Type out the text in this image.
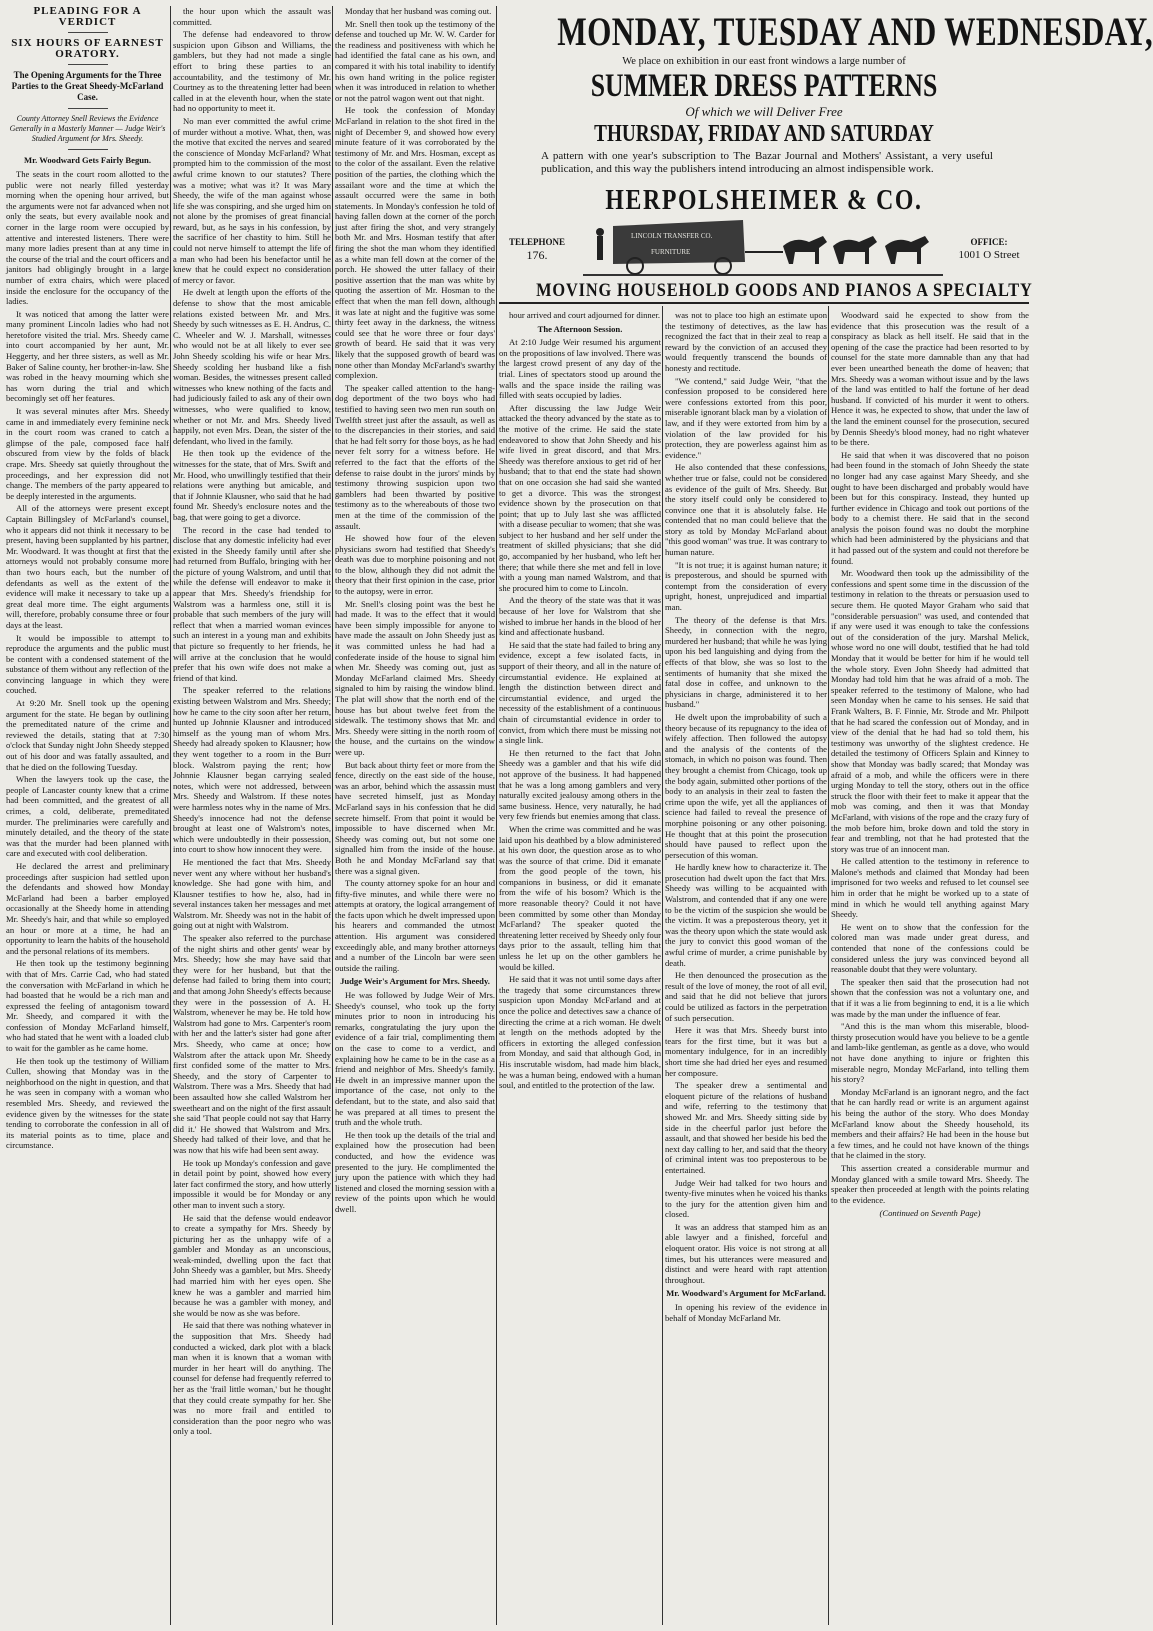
PLEADING FOR A VERDICT

SIX HOURS OF EARNEST ORATORY.

The Opening Arguments for the Three Parties to the Great Sheedy-McFarland Case.

County Attorney Snell Reviews the Evidence Generally in a Masterly Manner — Judge Weir's Studied Argument for Mrs. Sheedy.

Mr. Woodward Gets Fairly Begun.

The seats in the court room allotted to the public were not nearly filled yesterday morning when the opening hour arrived, but the arguments were not far advanced when not only the seats, but every available nook and corner in the large room were occupied by attentive and interested listeners. There were many more ladies present than at any time in the course of the trial and the court officers and janitors had obligingly brought in a large number of extra chairs, which were placed inside the enclosure for the occupancy of the ladies.

It was noticed that among the latter were many prominent Lincoln ladies who had not heretofore visited the trial. Mrs. Sheedy came into court accompanied by her aunt, Mr. Heggerty, and her three sisters, as well as Mr. Baker of Saline county, her brother-in-law. She was robed in the heavy mourning which she has worn during the trial and which becomingly set off her features.

It was several minutes after Mrs. Sheedy came in and immediately every feminine neck in the court room was craned to catch a glimpse of the pale, composed face half obscured from view by the folds of black crape. Mrs. Sheedy sat quietly throughout the proceedings, and her expression did not change. The members of the party appeared to be deeply interested in the arguments.

All of the attorneys were present except Captain Billingsley of McFarland's counsel, who it appears did not think it necessary to be present, having been supplanted by his partner, Mr. Woodward. It was thought at first that the attorneys would not probably consume more than two hours each, but the number of defendants as well as the extent of the evidence will make it necessary to take up a great deal more time. The eight arguments will, therefore, probably consume three or four days at the least.

It would be impossible to attempt to reproduce the arguments and the public must be content with a condensed statement of the substance of them without any reflection of the convincing language in which they were couched.

At 9:20 Mr. Snell took up the opening argument for the state. He began by outlining the premeditated nature of the crime and reviewed the details, stating that at 7:30 o'clock that Sunday night John Sheedy stepped out of his door and was fatally assaulted, and that he died on the following Tuesday.

When the lawyers took up the case, the people of Lancaster county knew that a crime had been committed, and the greatest of all crimes, a cold, deliberate, premeditated murder. The preliminaries were carefully and minutely detailed, and the theory of the state was that the murder had been planned with care and executed with cool deliberation.

He declared the arrest and preliminary proceedings after suspicion had settled upon the defendants and showed how Monday McFarland had been a barber employed occasionally at the Sheedy home in attending Mr. Sheedy's hair, and that while so employed an hour or more at a time, he had an opportunity to learn the habits of the household and the personal relations of its members.

He then took up the testimony beginning with that of Mrs. Carrie Cad, who had stated the conversation with McFarland in which he had boasted that he would be a rich man and expressed the feeling of antagonism toward Mr. Sheedy, and compared it with the confession of Monday McFarland himself, who had stated that he went with a loaded club to wait for the gambler as he came home.

He then took up the testimony of William Cullen, showing that Monday was in the neighborhood on the night in question, and that he was seen in company with a woman who resembled Mrs. Sheedy, and reviewed the evidence given by the witnesses for the state tending to corroborate the confession in all of its material points as to time, place and circumstance.

the hour upon which the assault was committed.

The defense had endeavored to throw suspicion upon Gibson and Williams, the gamblers, but they had not made a single effort to bring these parties to an accountability, and the testimony of Mr. Courtney as to the threatening letter had been called in at the eleventh hour, when the state had no opportunity to meet it.

No man ever committed the awful crime of murder without a motive. What, then, was the motive that excited the nerves and seared the conscience of Monday McFarland? What prompted him to the commission of the most awful crime known to our statutes? There was a motive; what was it? It was Mary Sheedy, the wife of the man against whose life she was conspiring, and she urged him on not alone by the promises of great financial reward, but, as he says in his confession, by the sacrifice of her chastity to him. Still he could not nerve himself to attempt the life of a man who had been his benefactor until he knew that he could expect no consideration of mercy or favor.

He dwelt at length upon the efforts of the defense to show that the most amicable relations existed between Mr. and Mrs. Sheedy by such witnesses as E. H. Andrus, C. C. Wheeler and W. J. Marshall, witnesses who would not be at all likely to ever see John Sheedy scolding his wife or hear Mrs. Sheedy scolding her husband like a fish woman. Besides, the witnesses present called witnesses who knew nothing of the facts and had judiciously failed to ask any of their own witnesses, who were qualified to know, whether or not Mr. and Mrs. Sheedy lived happily, not even Mrs. Dean, the sister of the defendant, who lived in the family.

He then took up the evidence of the witnesses for the state, that of Mrs. Swift and Mr. Hood, who unwillingly testified that their relations were anything but amicable, and that if Johnnie Klausner, who said that he had found Mr. Sheedy's enclosure notes and the bag, that were going to get a divorce.

The record in the case had tended to disclose that any domestic infelicity had ever existed in the Sheedy family until after she had returned from Buffalo, bringing with her the picture of young Walstrom, and until that while the defense will endeavor to make it appear that Mrs. Sheedy's friendship for Walstrom was a harmless one, still it is probable that such members of the jury will reflect that when a married woman evinces such an interest in a young man and exhibits that picture so frequently to her friends, he will arrive at the conclusion that he would prefer that his own wife does not make a friend of that kind.

The speaker referred to the relations existing between Walstrom and Mrs. Sheedy; how he came to the city soon after her return, hunted up Johnnie Klausner and introduced himself as the young man of whom Mrs. Sheedy had already spoken to Klausner; how they went together to a room in the Burr block. Walstrom paying the rent; how Johnnie Klausner began carrying sealed notes, which were not addressed, between Mrs. Sheedy and Walstrom. If these notes were harmless notes why in the name of Mrs. Sheedy's innocence had not the defense brought at least one of Walstrom's notes, which were undoubtedly in their possession, into court to show how innocent they were.

He mentioned the fact that Mrs. Sheedy never went any where without her husband's knowledge. She had gone with him, and Klausner testifies to how he, also, had in several instances taken her messages and met Walstrom. Mr. Sheedy was not in the habit of going out at night with Walstrom.

The speaker also referred to the purchase of the night shirts and other gents' wear by Mrs. Sheedy; how she may have said that they were for her husband, but that the defense had failed to bring them into court; and that among John Sheedy's effects because they were in the possession of A. H. Walstrom, whenever he may be. He told how Walstrom had gone to Mrs. Carpenter's room with her and the latter's sister had gone after Mrs. Sheedy, who came at once; how Walstrom after the attack upon Mr. Sheedy first confided some of the matter to Mrs. Sheedy, and the story of Carpenter to Walstrom. There was a Mrs. Sheedy that had been assaulted how she called Walstrom her sweetheart and on the night of the first assault she said 'That people could not say that Harry did it.' He showed that Walstrom and Mrs. Sheedy had talked of their love, and that he was now that his wife had been sent away.

He took up Monday's confession and gave in detail point by point, showed how every later fact confirmed the story, and how utterly impossible it would be for Monday or any other man to invent such a story.

He said that the defense would endeavor to create a sympathy for Mrs. Sheedy by picturing her as the unhappy wife of a gambler and Monday as an unconscious, weak-minded, dwelling upon the fact that John Sheedy was a gambler, but Mrs. Sheedy had married him with her eyes open. She knew he was a gambler and married him because he was a gambler with money, and she would be now as she was before.

He said that there was nothing whatever in the supposition that Mrs. Sheedy had conducted a wicked, dark plot with a black man when it is known that a woman with murder in her heart will do anything. The counsel for defense had frequently referred to her as the 'frail little woman,' but he thought that they could create sympathy for her. She was no more frail and entitled to consideration than the poor negro who was only a tool.

Monday that her husband was coming out.

Mr. Snell then took up the testimony of the defense and touched up Mr. W. W. Carder for the readiness and positiveness with which he had identified the fatal cane as his own, and compared it with his total inability to identify his own hand writing in the police register when it was introduced in relation to whether or not the patrol wagon went out that night.

He took the confession of Monday McFarland in relation to the shot fired in the night of December 9, and showed how every minute feature of it was corroborated by the testimony of Mr. and Mrs. Hosman, except as to the color of the assailant. Even the relative position of the parties, the clothing which the assailant wore and the time at which the assault occurred were the same in both statements. In Monday's confession he told of having fallen down at the corner of the porch just after firing the shot, and very strangely both Mr. and Mrs. Hosman testify that after firing the shot the man whom they identified as a white man fell down at the corner of the porch. He showed the utter fallacy of their positive assertion that the man was white by quoting the assertion of Mr. Hosman to the effect that when the man fell down, although it was late at night and the fugitive was some thirty feet away in the darkness, the witness could see that he wore three or four days' growth of beard. He said that it was very likely that the supposed growth of beard was none other than Monday McFarland's swarthy complexion.

The speaker called attention to the hang-dog deportment of the two boys who had testified to having seen two men run south on Twelfth street just after the assault, as well as to the discrepancies in their stories, and said that he had felt sorry for those boys, as he had never felt sorry for a witness before. He referred to the fact that the efforts of the defense to raise doubt in the jurors' minds by testimony throwing suspicion upon two gamblers had been thwarted by positive testimony as to the whereabouts of those two men at the time of the commission of the assault.

He showed how four of the eleven physicians sworn had testified that Sheedy's death was due to morphine poisoning and not to the blow, although they did not admit the theory that their first opinion in the case, prior to the autopsy, were in error.

Mr. Snell's closing point was the best he had made. It was to the effect that it would have been simply impossible for anyone to have made the assault on John Sheedy just as it was committed unless he had had a confederate inside of the house to signal him when Mr. Sheedy was coming out, just as Monday McFarland claimed Mrs. Sheedy signaled to him by raising the window blind. The plat will show that the north end of the house has but about twelve feet from the sidewalk. The testimony shows that Mr. and Mrs. Sheedy were sitting in the north room of the house, and the curtains on the window were up.

But back about thirty feet or more from the fence, directly on the east side of the house, was an arbor, behind which the assassin must have secreted himself, just as Monday McFarland says in his confession that he did secrete himself. From that point it would be impossible to have discerned when Mr. Sheedy was coming out, but not some one signalled him from the inside of the house. Both he and Monday McFarland say that there was a signal given.

The county attorney spoke for an hour and fifty-five minutes, and while there were no attempts at oratory, the logical arrangement of the facts upon which he dwelt impressed upon his hearers and commanded the utmost attention. His argument was considered exceedingly able, and many brother attorneys and a number of the Lincoln bar were seen outside the railing.

Judge Weir's Argument for Mrs. Sheedy.

He was followed by Judge Weir of Mrs. Sheedy's counsel, who took up the forty minutes prior to noon in introducing his remarks, congratulating the jury upon the evidence of a fair trial, complimenting them on the case to come to a verdict, and explaining how he came to be in the case as a friend and neighbor of Mrs. Sheedy's family. He dwelt in an impressive manner upon the importance of the case, not only to the defendant, but to the state, and also said that he was prepared at all times to present the truth and the whole truth.

He then took up the details of the trial and explained how the prosecution had been conducted, and how the evidence was presented to the jury. He complimented the jury upon the patience with which they had listened and closed the morning session with a review of the points upon which he would dwell.

MONDAY, TUESDAY AND WEDNESDAY,
We place on exhibition in our east front windows a large number of
SUMMER DRESS PATTERNS
Of which we will Deliver Free
THURSDAY, FRIDAY AND SATURDAY
A pattern with one year's subscription to The Bazar Journal and Mothers' Assistant, a very useful publication, and this way the publishers intend introducing an almost indispensible work.
HERPOLSHEIMER & CO.

hour arrived and court adjourned for dinner.

The Afternoon Session.

At 2:10 Judge Weir resumed his argument on the propositions of law involved. There was the largest crowd present of any day of the trial. Lines of spectators stood up around the walls and the space inside the railing was filled with seats occupied by ladies.

After discussing the law Judge Weir attacked the theory advanced by the state as to the motive of the crime. He said the state endeavored to show that John Sheedy and his wife lived in great discord, and that Mrs. Sheedy was therefore anxious to get rid of her husband; that to that end the state had shown that on one occasion she had said she wanted to get a divorce. This was the strongest evidence shown by the prosecution on that point; that up to July last she was afflicted with a disease peculiar to women; that she was subject to her husband and her self under the treatment of skilled physicians; that she did go, accompanied by her husband, who left her there; that while there she met and fell in love with a young man named Walstrom, and that she procured him to come to Lincoln.

And the theory of the state was that it was because of her love for Walstrom that she wished to imbrue her hands in the blood of her kind and affectionate husband.

He said that the state had failed to bring any evidence, except a few isolated facts, in support of their theory, and all in the nature of circumstantial evidence. He explained at length the distinction between direct and circumstantial evidence, and urged the necessity of the establishment of a continuous chain of circumstantial evidence in order to convict, from which there must be missing not a single link.

He then returned to the fact that John Sheedy was a gambler and that his wife did not approve of the business. It had happened that he was a long among gamblers and very naturally excited jealousy among others in the same business. Hence, very naturally, he had very few friends but enemies among that class.

When the crime was committed and he was laid upon his deathbed by a blow administered at his own door, the question arose as to who was the source of that crime. Did it emanate from the good people of the town, his companions in business, or did it emanate from the wife of his bosom? Which is the more reasonable theory? Could it not have been committed by some other than Monday McFarland? The speaker quoted the threatening letter received by Sheedy only four days prior to the assault, telling him that unless he let up on the other gamblers he would be killed.

He said that it was not until some days after the tragedy that some circumstances threw suspicion upon Monday McFarland and at once the police and detectives saw a chance of directing the crime at a rich woman. He dwelt at length on the methods adopted by the officers in extorting the alleged confession from Monday, and said that although God, in His inscrutable wisdom, had made him black, he was a human being, endowed with a human soul, and entitled to the protection of the law.

was not to place too high an estimate upon the testimony of detectives, as the law has recognized the fact that in their zeal to reap a reward by the conviction of an accused they would frequently transcend the bounds of honesty and rectitude.

"We contend," said Judge Weir, "that the confession proposed to be considered here were confessions extorted from this poor, miserable ignorant black man by a violation of law, and if they were extorted from him by a violation of the law provided for his protection, they are powerless against him as evidence."

He also contended that these confessions, whether true or false, could not be considered as evidence of the guilt of Mrs. Sheedy. But the story itself could only be considered to convince one that it is absolutely false. He contended that no man could believe that the story as told by Monday McFarland about "this good woman" was true. It was contrary to human nature.

"It is not true; it is against human nature; it is preposterous, and should be spurned with contempt from the consideration of every upright, honest, unprejudiced and impartial man.

The theory of the defense is that Mrs. Sheedy, in connection with the negro, murdered her husband; that while he was lying upon his bed languishing and dying from the effects of that blow, she was so lost to the sentiments of humanity that she mixed the fatal dose in coffee, and unknown to the physicians in charge, administered it to her husband."

He dwelt upon the improbability of such a theory because of its repugnancy to the idea of wifely affection. Then followed the autopsy and the analysis of the contents of the stomach, in which no poison was found. Then they brought a chemist from Chicago, took up the body again, submitted other portions of the body to an analysis in their zeal to fasten the crime upon the wife, yet all the appliances of science had failed to reveal the presence of morphine poisoning or any other poisoning. He thought that at this point the prosecution should have paused to reflect upon the persecution of this woman.

He hardly knew how to characterize it. The prosecution had dwelt upon the fact that Mrs. Sheedy was willing to be acquainted with Walstrom, and contended that if any one were to be the victim of the suspicion she would be the victim. It was a preposterous theory, yet it was the theory upon which the state would ask the jury to convict this good woman of the awful crime of murder, a crime punishable by death.

He then denounced the prosecution as the result of the love of money, the root of all evil, and said that he did not believe that jurors could be utilized as factors in the perpetration of such persecution.

Here it was that Mrs. Sheedy burst into tears for the first time, but it was but a momentary indulgence, for in an incredibly short time she had dried her eyes and resumed her composure.

The speaker drew a sentimental and eloquent picture of the relations of husband and wife, referring to the testimony that showed Mr. and Mrs. Sheedy sitting side by side in the cheerful parlor just before the assault, and that showed her beside his bed the next day calling to her, and said that the theory of criminal intent was too preposterous to be entertained.

Judge Weir had talked for two hours and twenty-five minutes when he voiced his thanks to the jury for the attention given him and closed.

It was an address that stamped him as an able lawyer and a finished, forceful and eloquent orator. His voice is not strong at all times, but his utterances were measured and distinct and were heard with rapt attention throughout.

Mr. Woodward's Argument for McFarland.

In opening his review of the evidence in behalf of Monday McFarland Mr.

Woodward said he expected to show from the evidence that this prosecution was the result of a conspiracy as black as hell itself. He said that in the opening of the case the practice had been resorted to by counsel for the state more damnable than any that had ever been unearthed beneath the dome of heaven; that Mrs. Sheedy was a woman without issue and by the laws of the land was entitled to half the fortune of her dead husband. If convicted of his murder it went to others. Hence it was, he expected to show, that under the law of the land the eminent counsel for the prosecution, secured by Dennis Sheedy's blood money, had no right whatever to be there.

He said that when it was discovered that no poison had been found in the stomach of John Sheedy the state no longer had any case against Mary Sheedy, and she ought to have been discharged and probably would have been but for this conspiracy. Instead, they hunted up further evidence in Chicago and took out portions of the body to a chemist there. He said that in the second analysis the poison found was no doubt the morphine which had been administered by the physicians and that it had passed out of the system and could not therefore be found.

Mr. Woodward then took up the admissibility of the confessions and spent some time in the discussion of the testimony in relation to the threats or persuasion used to secure them. He quoted Mayor Graham who said that "considerable persuasion" was used, and contended that if any were used it was enough to take the confessions out of the consideration of the jury. Marshal Melick, whose word no one will doubt, testified that he had told Monday that it would be better for him if he would tell the whole story. Even John Sheedy had admitted that Monday had told him that he was afraid of a mob. The speaker referred to the testimony of Malone, who had seen Monday when he came to his senses. He said that Frank Walters, B. F. Finnie, Mr. Strode and Mr. Philpott that he had scared the confession out of Monday, and in view of the denial that he had had so told them, his testimony was unworthy of the slightest credence. He detailed the testimony of Officers Splain and Kinney to show that Monday was badly scared; that Monday was afraid of a mob, and while the officers were in there urging Monday to tell the story, others out in the office struck the floor with their feet to make it appear that the mob was coming, and then it was that Monday McFarland, with visions of the rope and the crazy fury of the mob before him, broke down and told the story in fear and trembling, not that he had protested that the story was true of an innocent man.

He called attention to the testimony in reference to Malone's methods and claimed that Monday had been imprisoned for two weeks and refused to let counsel see him in order that he might be worked up to a state of mind in which he would tell anything against Mary Sheedy.

He went on to show that the confession for the colored man was made under great duress, and contended that none of the confessions could be considered unless the jury was convinced beyond all reasonable doubt that they were voluntary.

The speaker then said that the prosecution had not shown that the confession was not a voluntary one, and that if it was a lie from beginning to end, it is a lie which was made by the man under the influence of fear.

"And this is the man whom this miserable, blood-thirsty prosecution would have you believe to be a gentle and lamb-like gentleman, as gentle as a dove, who would not have done anything to injure or frighten this miserable negro, Monday McFarland, into telling them his story?

Monday McFarland is an ignorant negro, and the fact that he can hardly read or write is an argument against his being the author of the story. Who does Monday McFarland know about the Sheedy household, its members and their affairs? He had been in the house but a few times, and he could not have known of the things that he claimed in the story.

This assertion created a considerable murmur and Monday glanced with a smile toward Mrs. Sheedy. The speaker then proceeded at length with the points relating to the evidence.

(Continued on Seventh Page)

TELEPHONE
176.
LINCOLN TRANSFER CO.
FURNITURE
OFFICE:
1001 O Street
MOVING HOUSEHOLD GOODS AND PIANOS A SPECIALTY
